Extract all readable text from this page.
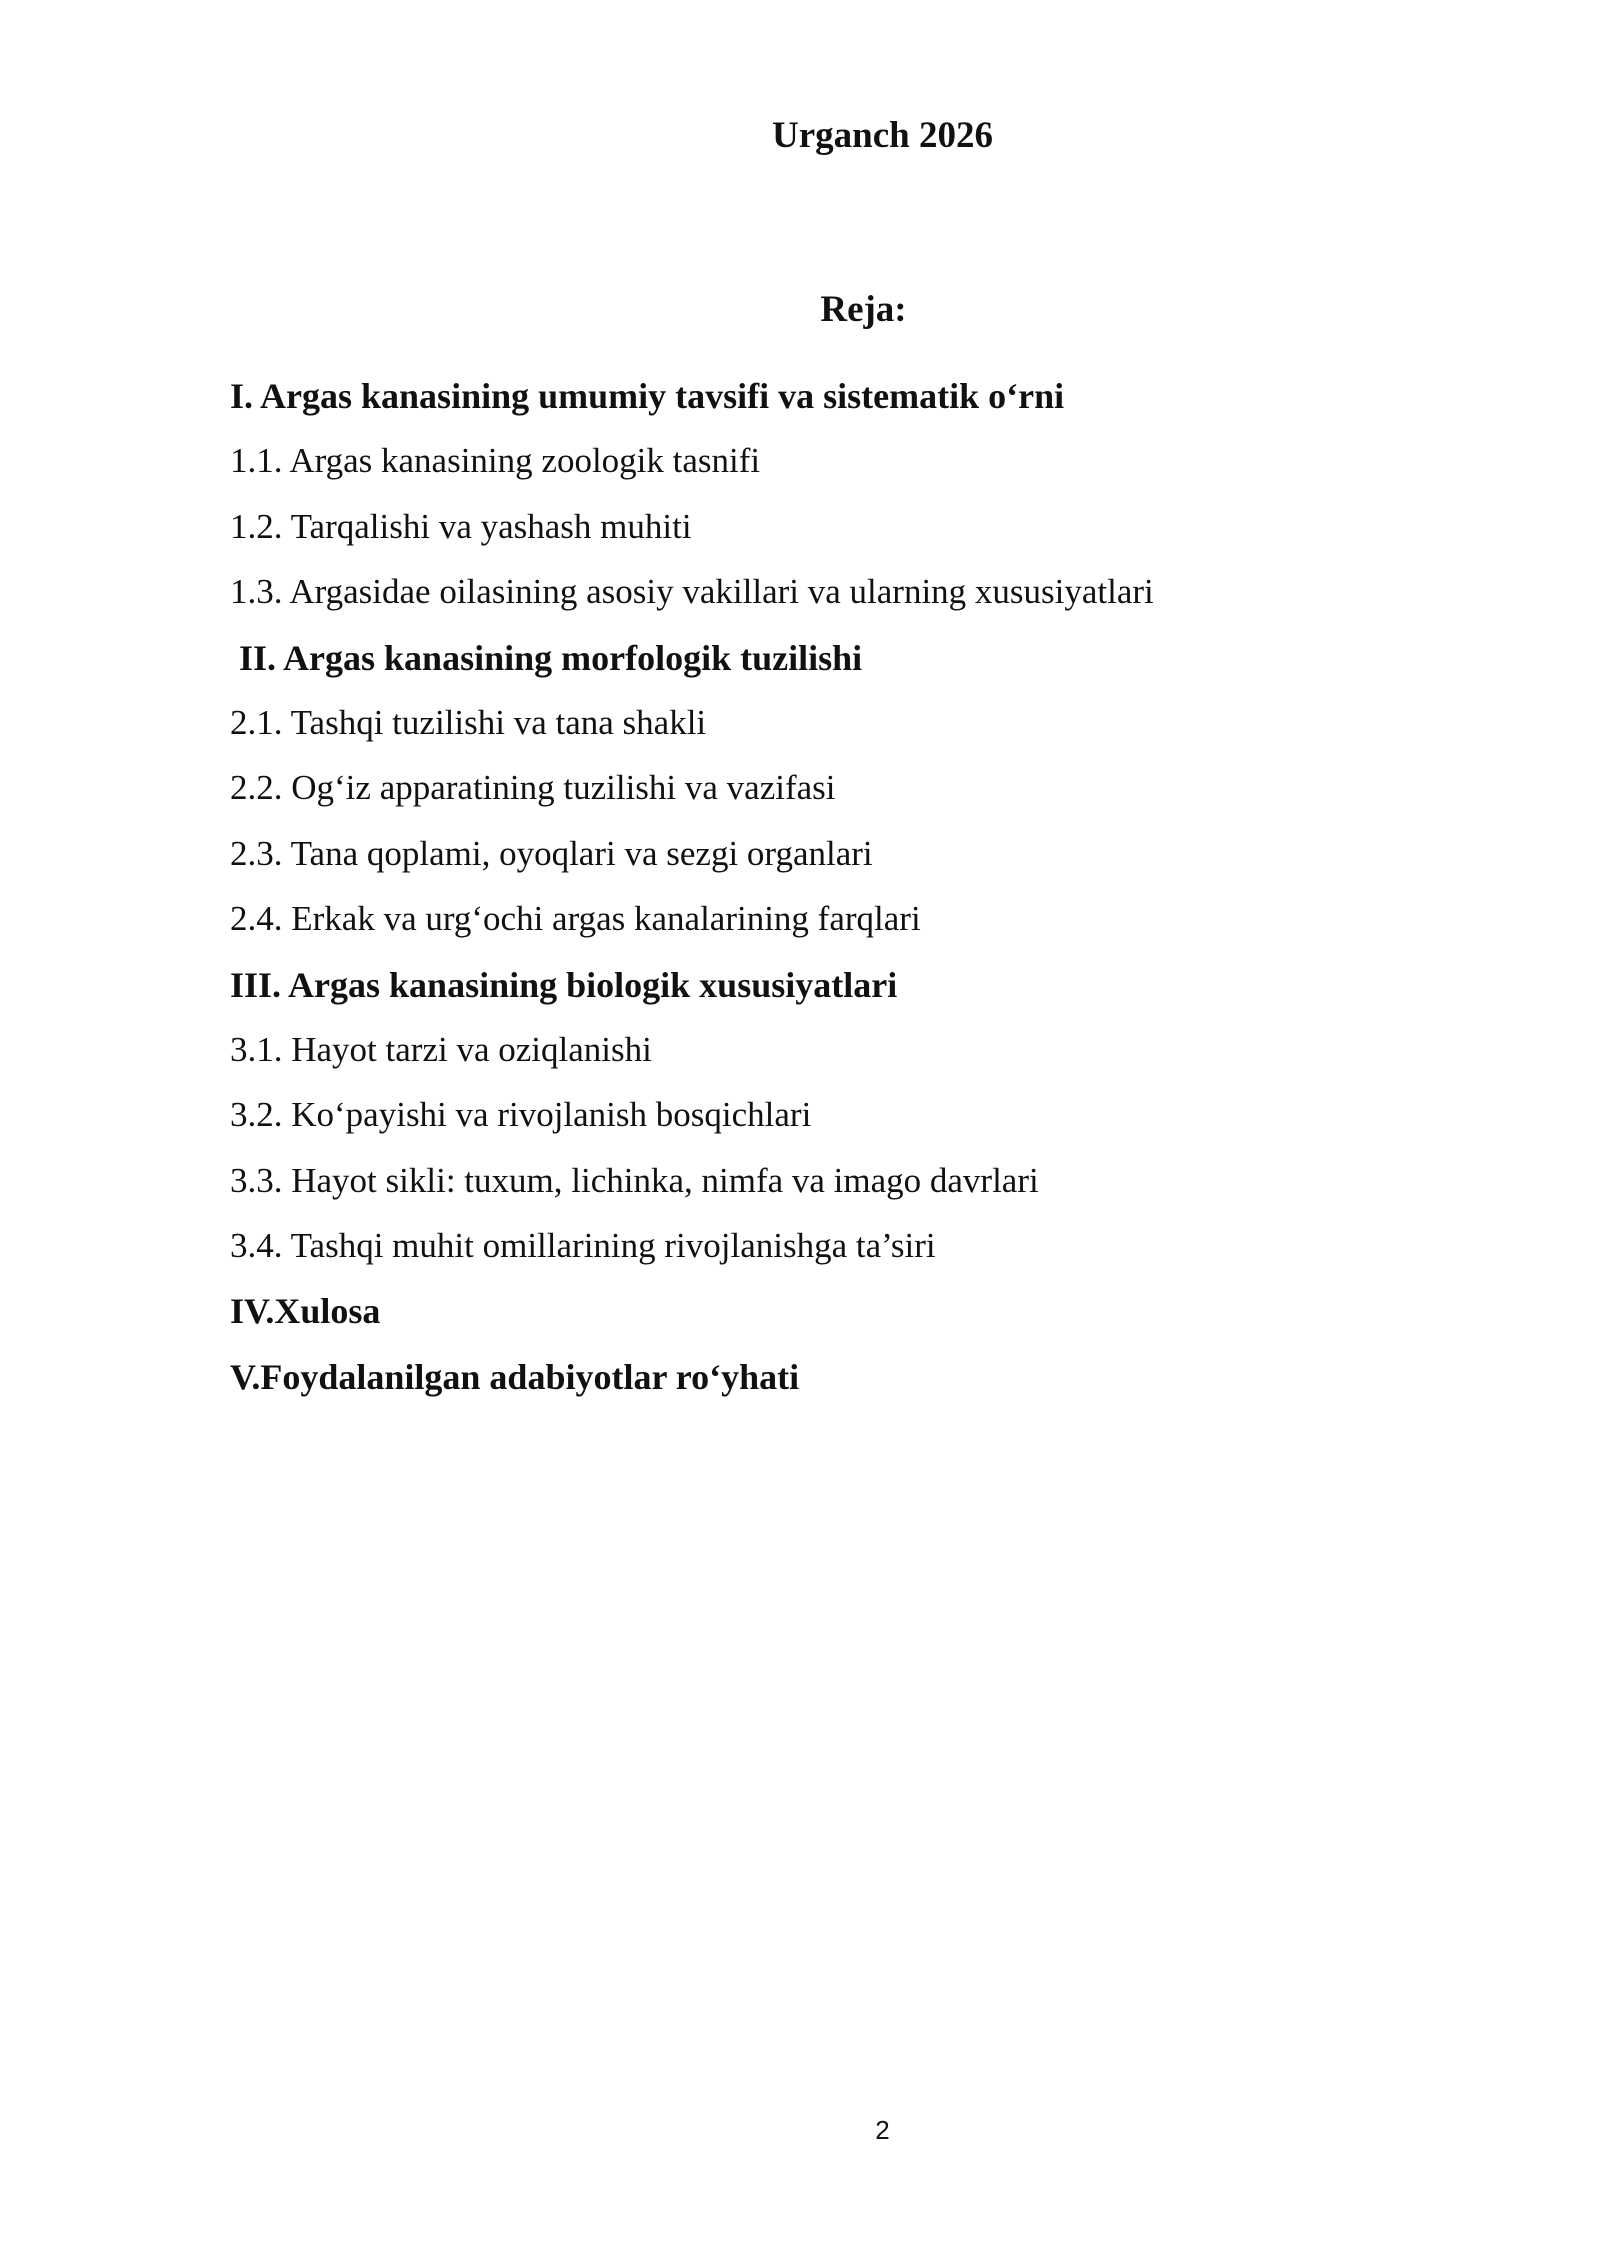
Urganch 2026
Reja:
I. Argas kanasining umumiy tavsifi va sistematik o‘rni
1.1. Argas kanasining zoologik tasnifi
1.2. Tarqalishi va yashash muhiti
1.3. Argasidae oilasining asosiy vakillari va ularning xususiyatlari
II. Argas kanasining morfologik tuzilishi
2.1. Tashqi tuzilishi va tana shakli
2.2. Og‘iz apparatining tuzilishi va vazifasi
2.3. Tana qoplami, oyoqlari va sezgi organlari
2.4. Erkak va urg‘ochi argas kanalarining farqlari
III. Argas kanasining biologik xususiyatlari
3.1. Hayot tarzi va oziqlanishi
3.2. Ko‘payishi va rivojlanish bosqichlari
3.3. Hayot sikli: tuxum, lichinka, nimfa va imago davrlari
3.4. Tashqi muhit omillarining rivojlanishga ta’siri
IV.Xulosa
V.Foydalanilgan adabiyotlar ro‘yhati
2
